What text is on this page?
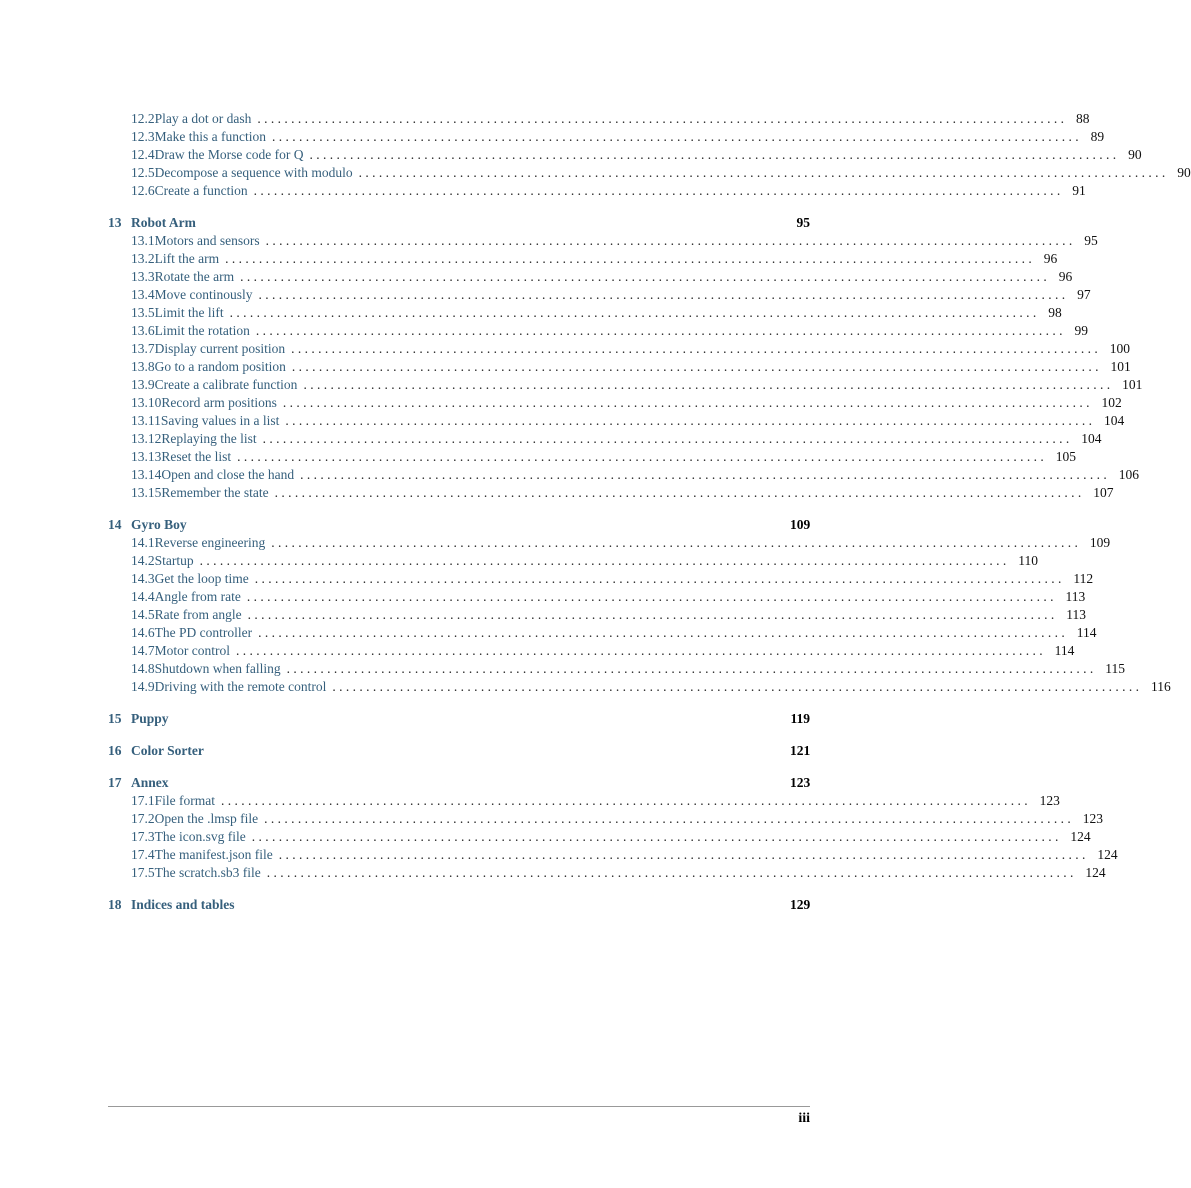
12.2 Play a dot or dash . . . . . . . . . . . . . . . . . . . . . . . . . . . . . . . . . . . . . . . . . . . . . . . . . . . . . . . . . . . . . . . . . . . . . . . . . . . . . . . . . . . . . . . . . . . . . . . . . . . . . . . . . . . . . . . . . . . . . . . . 88
12.3 Make this a function . . . . . . . . . . . . . . . . . . . . . . . . . . . . . . . . . . . . . . . . . . . . . . . . . . . . . . . . . . . . . . . . . . . . . . . . . . . . . . . . . . . . . . . . . . . . . . . . . . . . . . . . . . . . . . . . . . . . . . . . 89
12.4 Draw the Morse code for Q . . . . . . . . . . . . . . . . . . . . . . . . . . . . . . . . . . . . . . . . . . . . . . . . . . . . . . . . . . . . . . . . . . . . . . . . . . . . . . . . . . . . . . . . . . . . . . . . . . . . . . . . . . . . . . . . . . . . . . . . 90
12.5 Decompose a sequence with modulo . . . . . . . . . . . . . . . . . . . . . . . . . . . . . . . . . . . . . . . . . . . . . . . . . . . . . . . . . . . . . . . . . . . . . . . . . . . . . . . . . . . . . . . . . . . . . . . . . . . . . . . . . . . . . . . . . . . . . . . . 90
12.6 Create a function . . . . . . . . . . . . . . . . . . . . . . . . . . . . . . . . . . . . . . . . . . . . . . . . . . . . . . . . . . . . . . . . . . . . . . . . . . . . . . . . . . . . . . . . . . . . . . . . . . . . . . . . . . . . . . . . . . . . . . . . 91
13 Robot Arm	95
13.1 Motors and sensors . . . . . . . . . . . . . . . . . . . . . . . . . . . . . . . . . . . . . . . . . . . . . . . . . . . . . . . . . . . . . . . . . . . . . . . . . . . . . . . . . . . . . . . . . . . . . . . . . . . . . . . . . . . . . . . . . . . . . . . . 95
13.2 Lift the arm . . . . . . . . . . . . . . . . . . . . . . . . . . . . . . . . . . . . . . . . . . . . . . . . . . . . . . . . . . . . . . . . . . . . . . . . . . . . . . . . . . . . . . . . . . . . . . . . . . . . . . . . . . . . . . . . . . . . . . . . 96
13.3 Rotate the arm . . . . . . . . . . . . . . . . . . . . . . . . . . . . . . . . . . . . . . . . . . . . . . . . . . . . . . . . . . . . . . . . . . . . . . . . . . . . . . . . . . . . . . . . . . . . . . . . . . . . . . . . . . . . . . . . . . . . . . . . 96
13.4 Move continously . . . . . . . . . . . . . . . . . . . . . . . . . . . . . . . . . . . . . . . . . . . . . . . . . . . . . . . . . . . . . . . . . . . . . . . . . . . . . . . . . . . . . . . . . . . . . . . . . . . . . . . . . . . . . . . . . . . . . . . . 97
13.5 Limit the lift . . . . . . . . . . . . . . . . . . . . . . . . . . . . . . . . . . . . . . . . . . . . . . . . . . . . . . . . . . . . . . . . . . . . . . . . . . . . . . . . . . . . . . . . . . . . . . . . . . . . . . . . . . . . . . . . . . . . . . . . 98
13.6 Limit the rotation . . . . . . . . . . . . . . . . . . . . . . . . . . . . . . . . . . . . . . . . . . . . . . . . . . . . . . . . . . . . . . . . . . . . . . . . . . . . . . . . . . . . . . . . . . . . . . . . . . . . . . . . . . . . . . . . . . . . . . . . 99
13.7 Display current position . . . . . . . . . . . . . . . . . . . . . . . . . . . . . . . . . . . . . . . . . . . . . . . . . . . . . . . . . . . . . . . . . . . . . . . . . . . . . . . . . . . . . . . . . . . . . . . . . . . . . . . . . . . . . . . . . . . . . . . . 100
13.8 Go to a random position . . . . . . . . . . . . . . . . . . . . . . . . . . . . . . . . . . . . . . . . . . . . . . . . . . . . . . . . . . . . . . . . . . . . . . . . . . . . . . . . . . . . . . . . . . . . . . . . . . . . . . . . . . . . . . . . . . . . . . . . 101
13.9 Create a calibrate function . . . . . . . . . . . . . . . . . . . . . . . . . . . . . . . . . . . . . . . . . . . . . . . . . . . . . . . . . . . . . . . . . . . . . . . . . . . . . . . . . . . . . . . . . . . . . . . . . . . . . . . . . . . . . . . . . . . . . . . . 101
13.10 Record arm positions . . . . . . . . . . . . . . . . . . . . . . . . . . . . . . . . . . . . . . . . . . . . . . . . . . . . . . . . . . . . . . . . . . . . . . . . . . . . . . . . . . . . . . . . . . . . . . . . . . . . . . . . . . . . . . . . . . . . . . . . 102
13.11 Saving values in a list . . . . . . . . . . . . . . . . . . . . . . . . . . . . . . . . . . . . . . . . . . . . . . . . . . . . . . . . . . . . . . . . . . . . . . . . . . . . . . . . . . . . . . . . . . . . . . . . . . . . . . . . . . . . . . . . . . . . . . . . 104
13.12 Replaying the list . . . . . . . . . . . . . . . . . . . . . . . . . . . . . . . . . . . . . . . . . . . . . . . . . . . . . . . . . . . . . . . . . . . . . . . . . . . . . . . . . . . . . . . . . . . . . . . . . . . . . . . . . . . . . . . . . . . . . . . . 104
13.13 Reset the list . . . . . . . . . . . . . . . . . . . . . . . . . . . . . . . . . . . . . . . . . . . . . . . . . . . . . . . . . . . . . . . . . . . . . . . . . . . . . . . . . . . . . . . . . . . . . . . . . . . . . . . . . . . . . . . . . . . . . . . . 105
13.14 Open and close the hand . . . . . . . . . . . . . . . . . . . . . . . . . . . . . . . . . . . . . . . . . . . . . . . . . . . . . . . . . . . . . . . . . . . . . . . . . . . . . . . . . . . . . . . . . . . . . . . . . . . . . . . . . . . . . . . . . . . . . . . . 106
13.15 Remember the state . . . . . . . . . . . . . . . . . . . . . . . . . . . . . . . . . . . . . . . . . . . . . . . . . . . . . . . . . . . . . . . . . . . . . . . . . . . . . . . . . . . . . . . . . . . . . . . . . . . . . . . . . . . . . . . . . . . . . . . . 107
14 Gyro Boy	109
14.1 Reverse engineering . . . . . . . . . . . . . . . . . . . . . . . . . . . . . . . . . . . . . . . . . . . . . . . . . . . . . . . . . . . . . . . . . . . . . . . . . . . . . . . . . . . . . . . . . . . . . . . . . . . . . . . . . . . . . . . . . . . . . . . . 109
14.2 Startup . . . . . . . . . . . . . . . . . . . . . . . . . . . . . . . . . . . . . . . . . . . . . . . . . . . . . . . . . . . . . . . . . . . . . . . . . . . . . . . . . . . . . . . . . . . . . . . . . . . . . . . . . . . . . . . . . . . . . . . . 110
14.3 Get the loop time . . . . . . . . . . . . . . . . . . . . . . . . . . . . . . . . . . . . . . . . . . . . . . . . . . . . . . . . . . . . . . . . . . . . . . . . . . . . . . . . . . . . . . . . . . . . . . . . . . . . . . . . . . . . . . . . . . . . . . . . 112
14.4 Angle from rate . . . . . . . . . . . . . . . . . . . . . . . . . . . . . . . . . . . . . . . . . . . . . . . . . . . . . . . . . . . . . . . . . . . . . . . . . . . . . . . . . . . . . . . . . . . . . . . . . . . . . . . . . . . . . . . . . . . . . . . . 113
14.5 Rate from angle . . . . . . . . . . . . . . . . . . . . . . . . . . . . . . . . . . . . . . . . . . . . . . . . . . . . . . . . . . . . . . . . . . . . . . . . . . . . . . . . . . . . . . . . . . . . . . . . . . . . . . . . . . . . . . . . . . . . . . . . 113
14.6 The PD controller . . . . . . . . . . . . . . . . . . . . . . . . . . . . . . . . . . . . . . . . . . . . . . . . . . . . . . . . . . . . . . . . . . . . . . . . . . . . . . . . . . . . . . . . . . . . . . . . . . . . . . . . . . . . . . . . . . . . . . . . 114
14.7 Motor control . . . . . . . . . . . . . . . . . . . . . . . . . . . . . . . . . . . . . . . . . . . . . . . . . . . . . . . . . . . . . . . . . . . . . . . . . . . . . . . . . . . . . . . . . . . . . . . . . . . . . . . . . . . . . . . . . . . . . . . . 114
14.8 Shutdown when falling . . . . . . . . . . . . . . . . . . . . . . . . . . . . . . . . . . . . . . . . . . . . . . . . . . . . . . . . . . . . . . . . . . . . . . . . . . . . . . . . . . . . . . . . . . . . . . . . . . . . . . . . . . . . . . . . . . . . . . . . 115
14.9 Driving with the remote control . . . . . . . . . . . . . . . . . . . . . . . . . . . . . . . . . . . . . . . . . . . . . . . . . . . . . . . . . . . . . . . . . . . . . . . . . . . . . . . . . . . . . . . . . . . . . . . . . . . . . . . . . . . . . . . . . . . . . . . . 116
15 Puppy	119
16 Color Sorter	121
17 Annex	123
17.1 File format . . . . . . . . . . . . . . . . . . . . . . . . . . . . . . . . . . . . . . . . . . . . . . . . . . . . . . . . . . . . . . . . . . . . . . . . . . . . . . . . . . . . . . . . . . . . . . . . . . . . . . . . . . . . . . . . . . . . . . . . 123
17.2 Open the .lmsp file . . . . . . . . . . . . . . . . . . . . . . . . . . . . . . . . . . . . . . . . . . . . . . . . . . . . . . . . . . . . . . . . . . . . . . . . . . . . . . . . . . . . . . . . . . . . . . . . . . . . . . . . . . . . . . . . . . . . . . . . 123
17.3 The icon.svg file . . . . . . . . . . . . . . . . . . . . . . . . . . . . . . . . . . . . . . . . . . . . . . . . . . . . . . . . . . . . . . . . . . . . . . . . . . . . . . . . . . . . . . . . . . . . . . . . . . . . . . . . . . . . . . . . . . . . . . . . 124
17.4 The manifest.json file . . . . . . . . . . . . . . . . . . . . . . . . . . . . . . . . . . . . . . . . . . . . . . . . . . . . . . . . . . . . . . . . . . . . . . . . . . . . . . . . . . . . . . . . . . . . . . . . . . . . . . . . . . . . . . . . . . . . . . . . 124
17.5 The scratch.sb3 file . . . . . . . . . . . . . . . . . . . . . . . . . . . . . . . . . . . . . . . . . . . . . . . . . . . . . . . . . . . . . . . . . . . . . . . . . . . . . . . . . . . . . . . . . . . . . . . . . . . . . . . . . . . . . . . . . . . . . . . . 124
18 Indices and tables	129
iii
